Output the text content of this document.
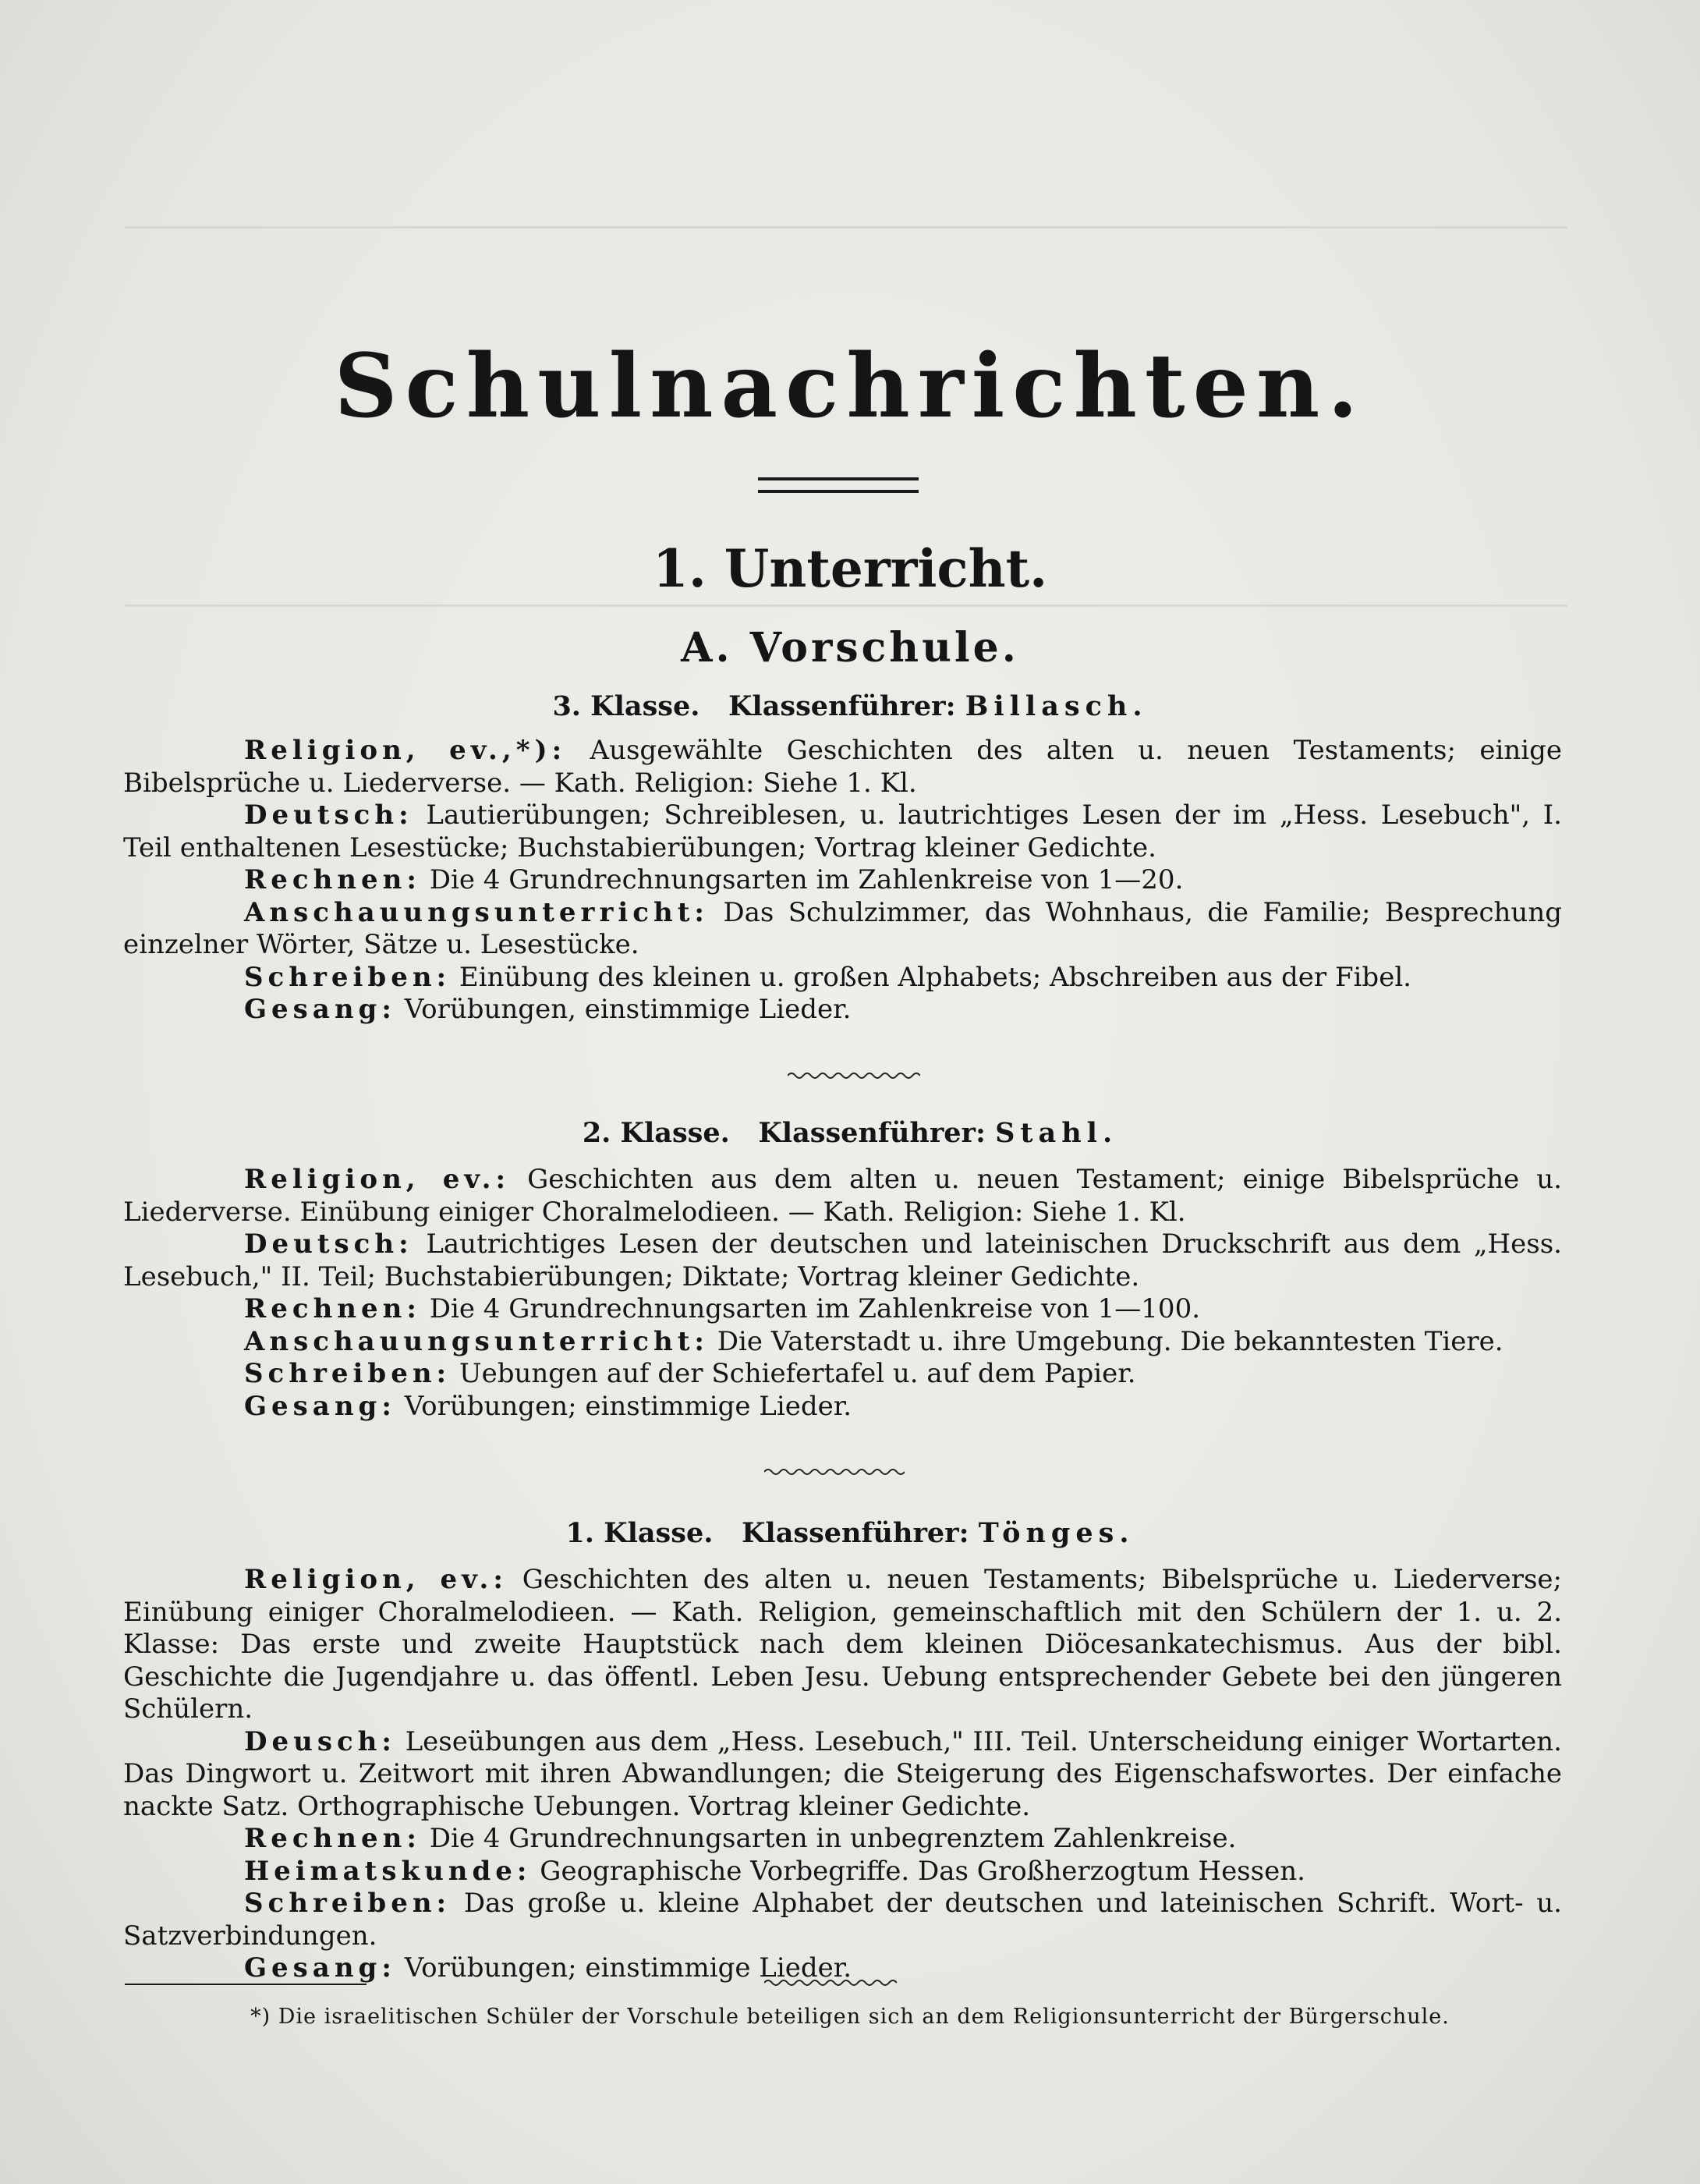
Schulnachrichten.
1. Unterricht.
A. Vorschule.
3. Klasse. Klassenführer: Billasch.

Religion, ev.,*): Ausgewählte Geschichten des alten u. neuen Testaments; einige Bibelsprüche u. Liederverse. — Kath. Religion: Siehe 1. Kl.

Deutsch: Lautierübungen; Schreiblesen, u. lautrichtiges Lesen der im „Hess. Lesebuch", I. Teil enthaltenen Lesestücke; Buchstabierübungen; Vortrag kleiner Gedichte.

Rechnen: Die 4 Grundrechnungsarten im Zahlenkreise von 1—20.

Anschauungsunterricht: Das Schulzimmer, das Wohnhaus, die Familie; Besprechung einzelner Wörter, Sätze u. Lesestücke.

Schreiben: Einübung des kleinen u. großen Alphabets; Abschreiben aus der Fibel.

Gesang: Vorübungen, einstimmige Lieder.

2. Klasse. Klassenführer: Stahl.

Religion, ev.: Geschichten aus dem alten u. neuen Testament; einige Bibelsprüche u. Liederverse. Einübung einiger Choralmelodieen. — Kath. Religion: Siehe 1. Kl.

Deutsch: Lautrichtiges Lesen der deutschen und lateinischen Druckschrift aus dem „Hess. Lesebuch," II. Teil; Buchstabierübungen; Diktate; Vortrag kleiner Gedichte.

Rechnen: Die 4 Grundrechnungsarten im Zahlenkreise von 1—100.

Anschauungsunterricht: Die Vaterstadt u. ihre Umgebung. Die bekanntesten Tiere.

Schreiben: Uebungen auf der Schiefertafel u. auf dem Papier.

Gesang: Vorübungen; einstimmige Lieder.

1. Klasse. Klassenführer: Tönges.

Religion, ev.: Geschichten des alten u. neuen Testaments; Bibelsprüche u. Liederverse; Einübung einiger Choralmelodieen. — Kath. Religion, gemeinschaftlich mit den Schülern der 1. u. 2. Klasse: Das erste und zweite Hauptstück nach dem kleinen Diöcesankatechismus. Aus der bibl. Geschichte die Jugendjahre u. das öffentl. Leben Jesu. Uebung entsprechender Gebete bei den jüngeren Schülern.

Deusch: Leseübungen aus dem „Hess. Lesebuch," III. Teil. Unterscheidung einiger Wortarten. Das Dingwort u. Zeitwort mit ihren Abwandlungen; die Steigerung des Eigenschafswortes. Der einfache nackte Satz. Orthographische Uebungen. Vortrag kleiner Gedichte.

Rechnen: Die 4 Grundrechnungsarten in unbegrenztem Zahlenkreise.

Heimatskunde: Geographische Vorbegriffe. Das Großherzogtum Hessen.

Schreiben: Das große u. kleine Alphabet der deutschen und lateinischen Schrift. Wort- u. Satzverbindungen.

Gesang: Vorübungen; einstimmige Lieder.

*) Die israelitischen Schüler der Vorschule beteiligen sich an dem Religionsunterricht der Bürgerschule.
